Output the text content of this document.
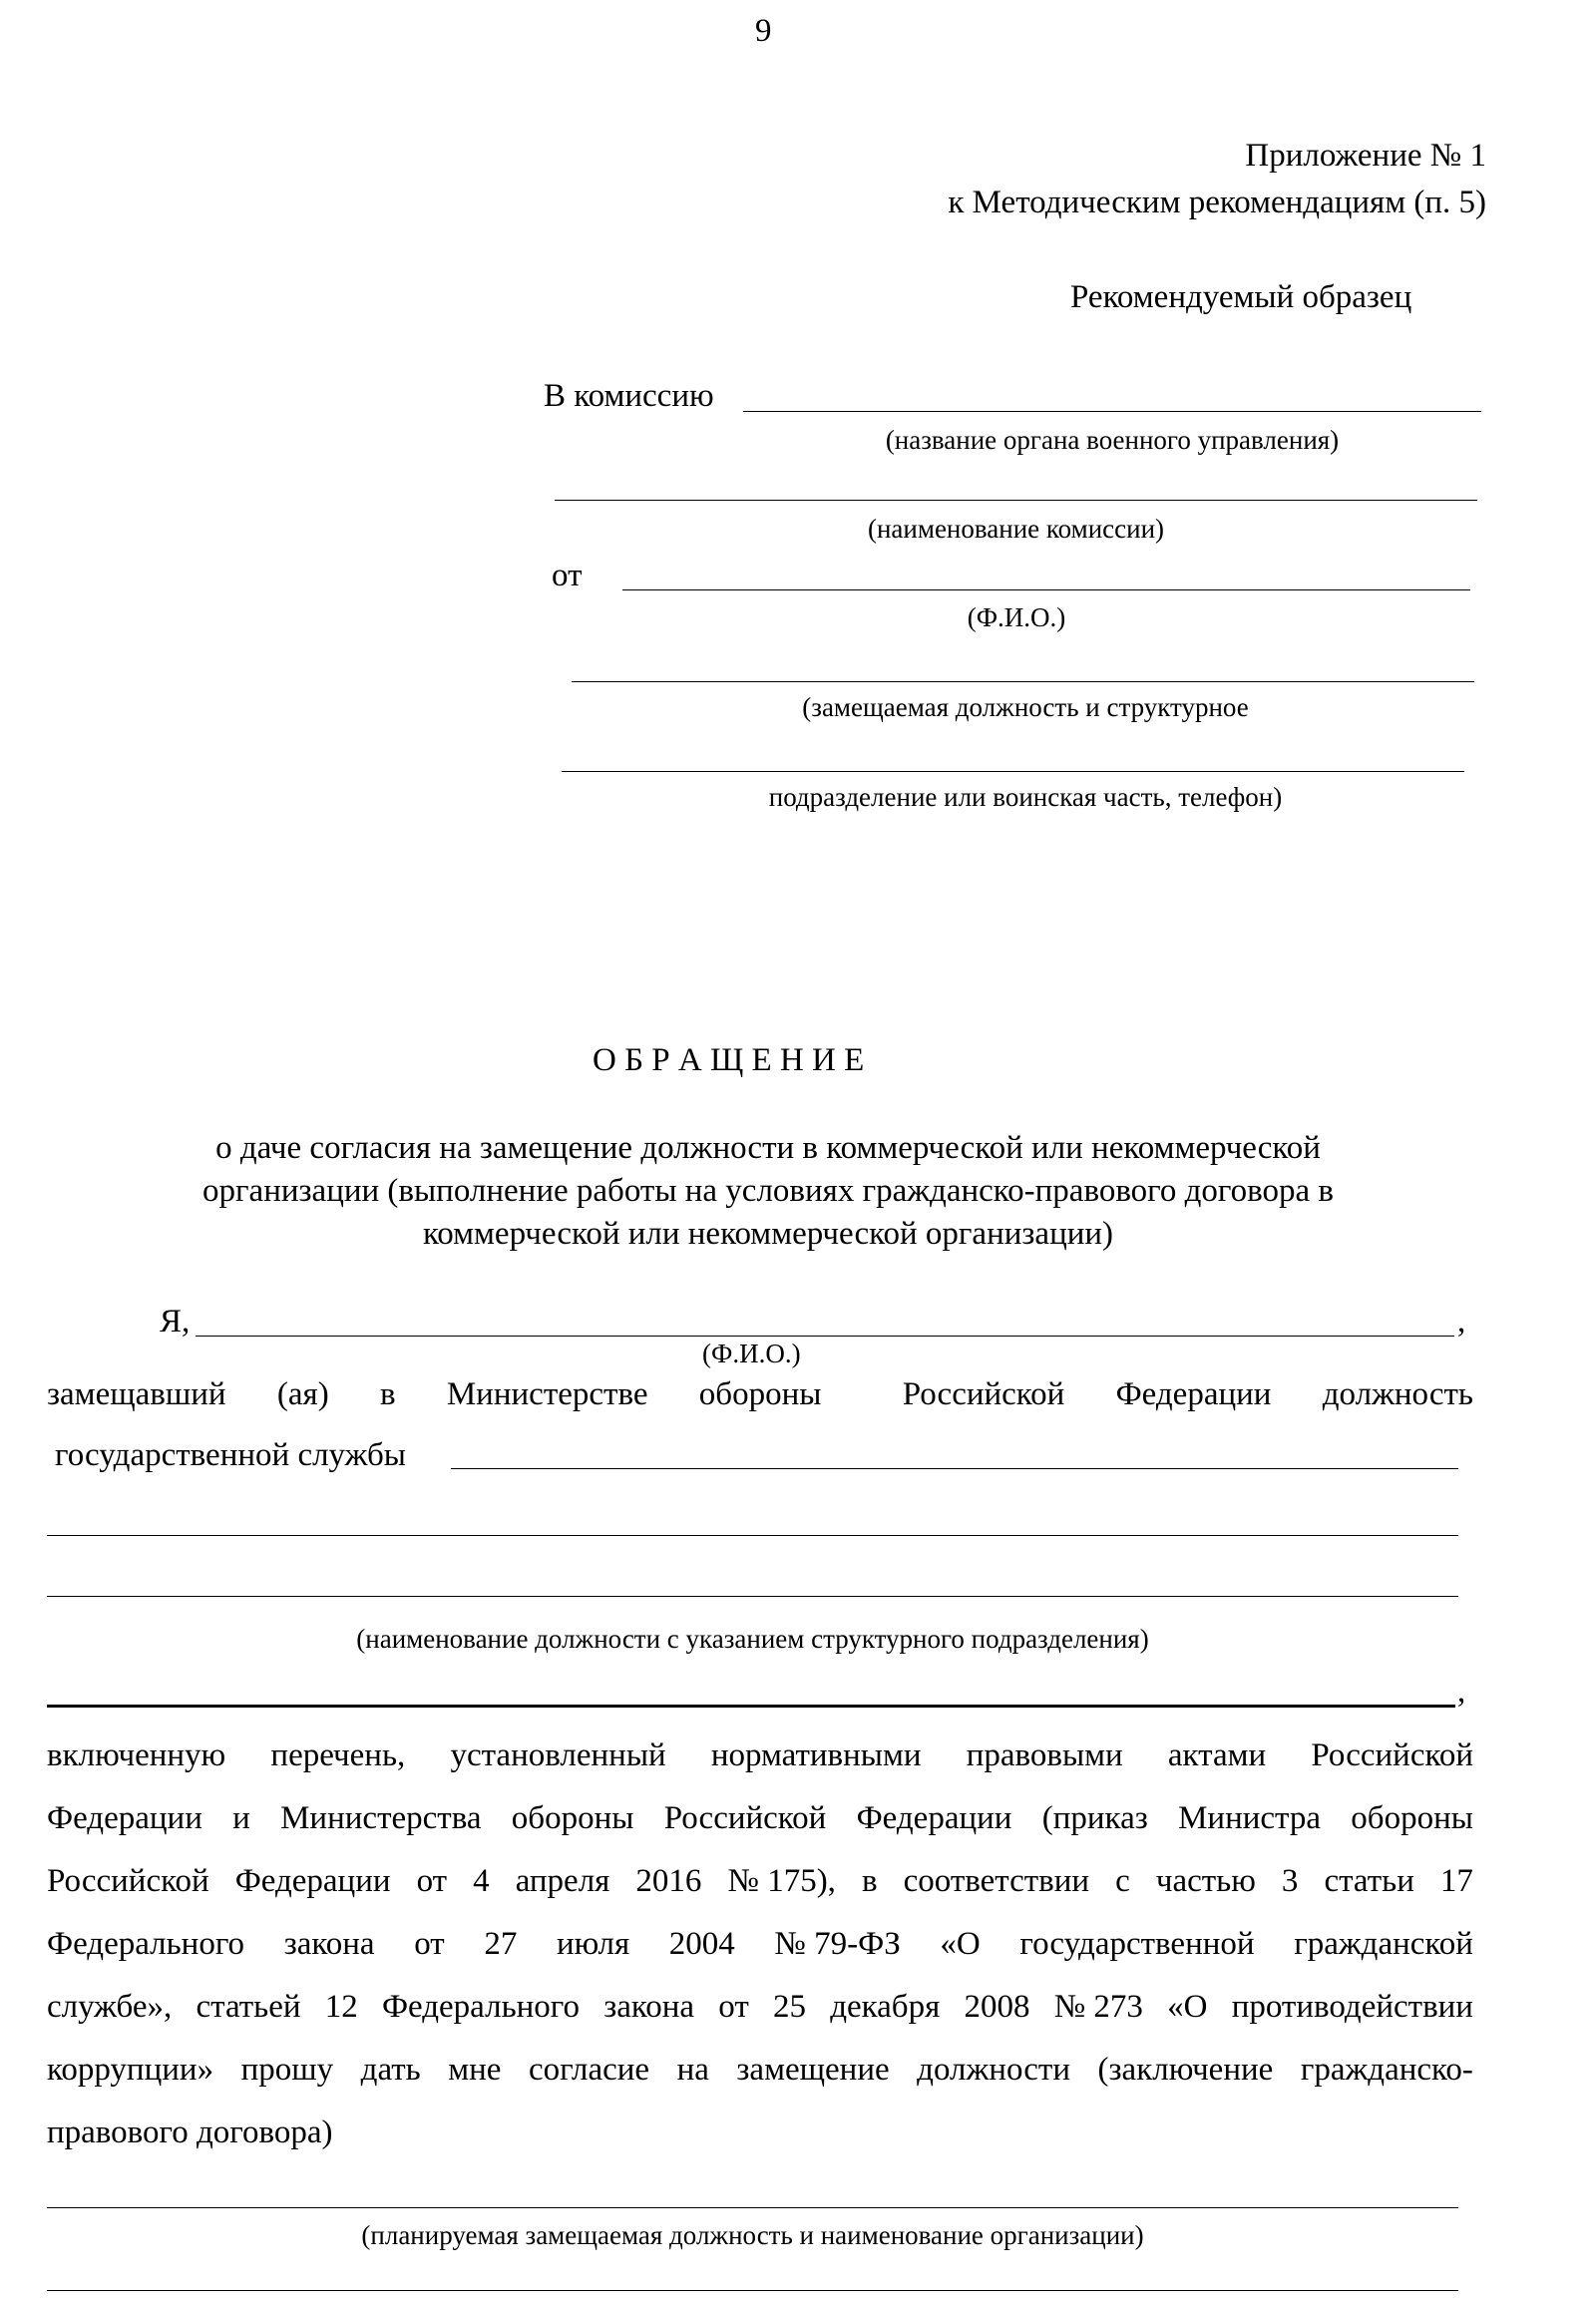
9
Приложение № 1
к Методическим рекомендациям (п. 5)
Рекомендуемый образец
В комиссию
(название органа военного управления)
(наименование комиссии)
от
(Ф.И.О.)
(замещаемая должность и структурное
подразделение или воинская часть, телефон)
О Б Р А Щ Е Н И Е
о даче согласия на замещение должности в коммерческой или некоммерческой
организации (выполнение работы на условиях гражданско-правового договора в
коммерческой или некоммерческой организации)
Я,	,
(Ф.И.О.)
замещавший (ая) в Министерстве обороны Российской Федерации должность
государственной службы
(наименование должности с указанием структурного подразделения)
,
включенную перечень, установленный нормативными правовыми актами Российской
Федерации и Министерства обороны Российской Федерации (приказ Министра обороны
Российской Федерации от 4 апреля 2016 № 175), в соответствии с частью 3 статьи 17
Федерального закона от 27 июля 2004 № 79-ФЗ «О государственной гражданской
службе», статьей 12 Федерального закона от 25 декабря 2008 № 273 «О противодействии
коррупции» прошу дать мне согласие на замещение должности (заключение гражданско-
правового договора)
(планируемая замещаемая должность и наименование организации)
